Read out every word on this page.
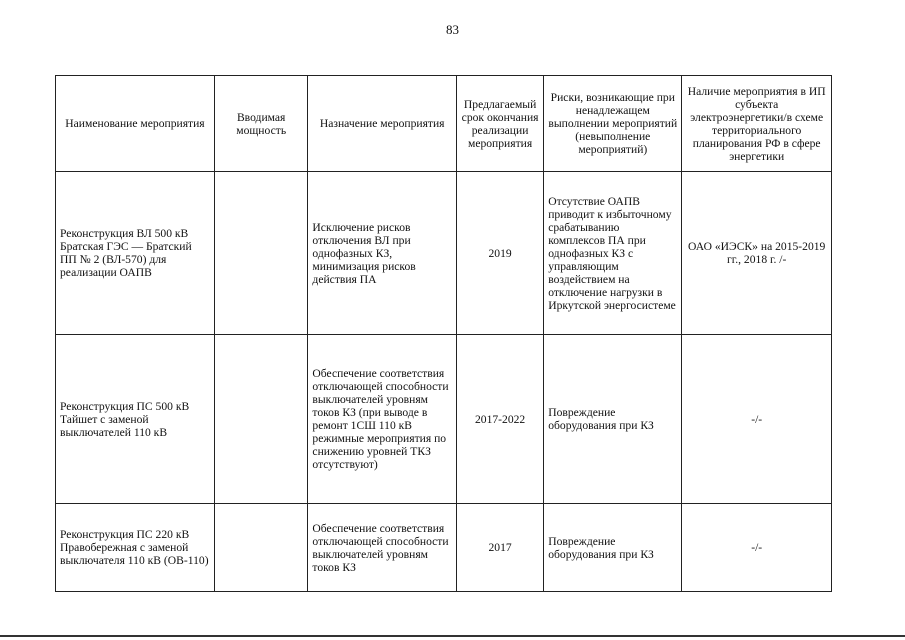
83
Наименование мероприятия	Вводимая мощность	Назначение мероприятия	Предлагаемый срок окончания реализации мероприятия	Риски, возникающие при ненадлежащем выполнении мероприятий (невыполнение мероприятий)	Наличие мероприятия в ИП субъекта электроэнергетики/в схеме территориального планирования РФ в сфере энергетики
Реконструкция ВЛ 500 кВ Братская ГЭС — Братский ПП № 2 (ВЛ-570) для реализации ОАПВ		Исключение рисков отключения ВЛ при однофазных КЗ, минимизация рисков действия ПА	2019	Отсутствие ОАПВ приводит к избыточному срабатыванию комплексов ПА при однофазных КЗ с управляющим воздействием на отключение нагрузки в Иркутской энергосистеме	ОАО «ИЭСК» на 2015-2019 гг., 2018 г. /-
Реконструкция ПС 500 кВ Тайшет с заменой выключателей 110 кВ		Обеспечение соответствия отключающей способности выключателей уровням токов КЗ (при выводе в ремонт 1СШ 110 кВ режимные мероприятия по снижению уровней ТКЗ отсутствуют)	2017-2022	Повреждение оборудования при КЗ	-/-
Реконструкция ПС 220 кВ Правобережная с заменой выключателя 110 кВ (ОВ-110)		Обеспечение соответствия отключающей способности выключателей уровням токов КЗ	2017	Повреждение оборудования при КЗ	-/-
